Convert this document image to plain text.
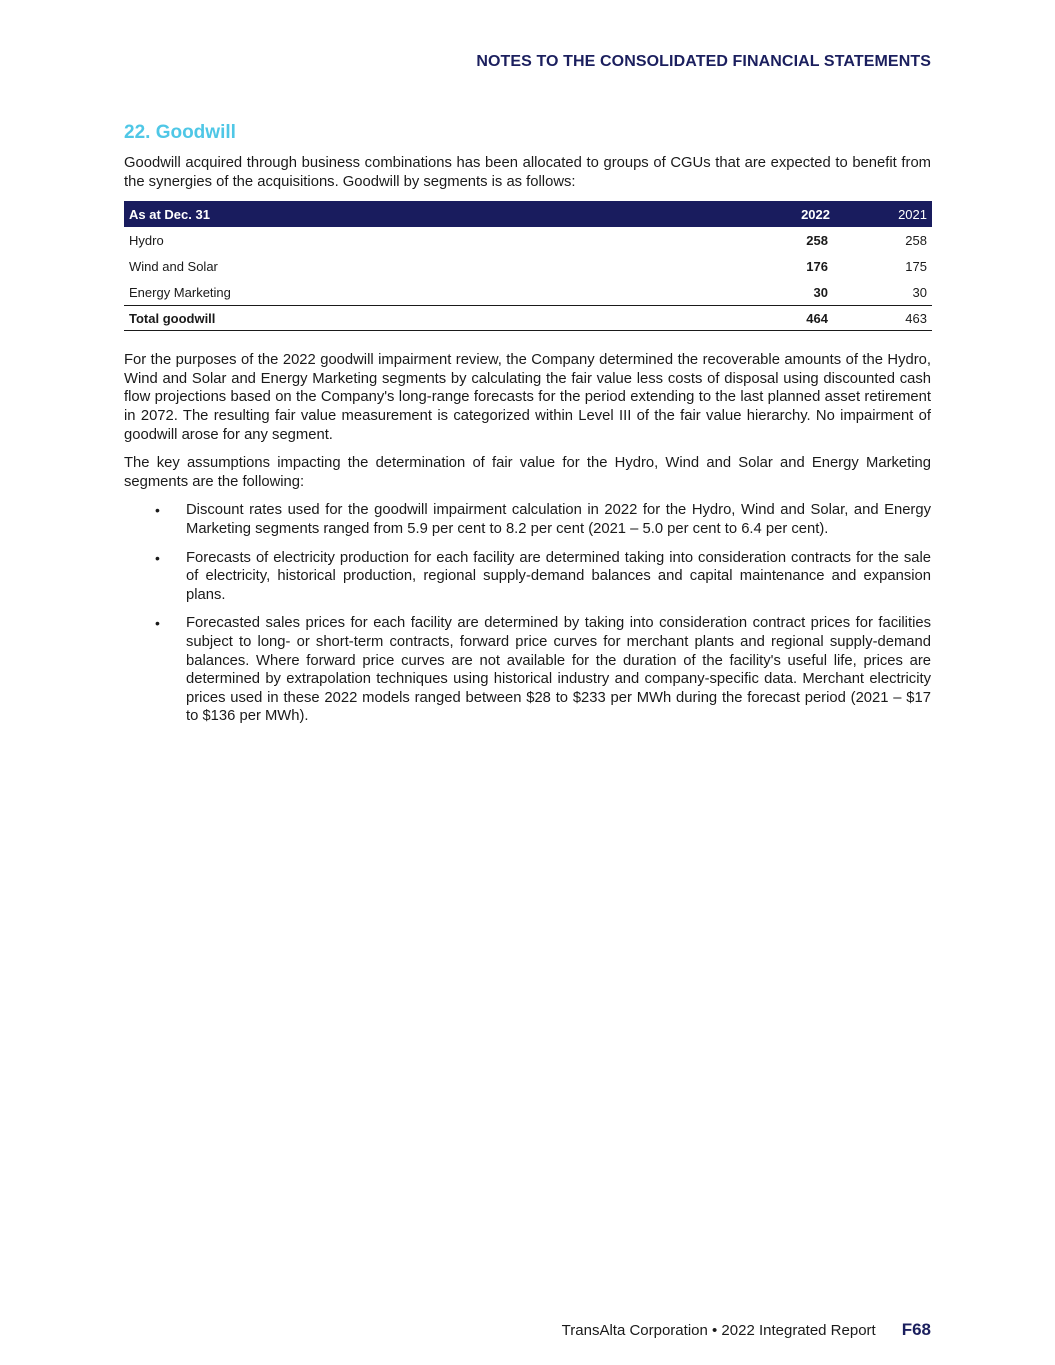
NOTES TO THE CONSOLIDATED FINANCIAL STATEMENTS
22. Goodwill

Goodwill acquired through business combinations has been allocated to groups of CGUs that are expected to benefit from the synergies of the acquisitions. Goodwill by segments is as follows:

As at Dec. 31	2022	2021
Hydro	258	258
Wind and Solar	176	175
Energy Marketing	30	30
Total goodwill	464	463

For the purposes of the 2022 goodwill impairment review, the Company determined the recoverable amounts of the Hydro, Wind and Solar and Energy Marketing segments by calculating the fair value less costs of disposal using discounted cash flow projections based on the Company's long-range forecasts for the period extending to the last planned asset retirement in 2072. The resulting fair value measurement is categorized within Level III of the fair value hierarchy. No impairment of goodwill arose for any segment.

The key assumptions impacting the determination of fair value for the Hydro, Wind and Solar and Energy Marketing segments are the following:

• Discount rates used for the goodwill impairment calculation in 2022 for the Hydro, Wind and Solar, and Energy Marketing segments ranged from 5.9 per cent to 8.2 per cent (2021 – 5.0 per cent to 6.4 per cent).
• Forecasts of electricity production for each facility are determined taking into consideration contracts for the sale of electricity, historical production, regional supply-demand balances and capital maintenance and expansion plans.
• Forecasted sales prices for each facility are determined by taking into consideration contract prices for facilities subject to long- or short-term contracts, forward price curves for merchant plants and regional supply-demand balances. Where forward price curves are not available for the duration of the facility's useful life, prices are determined by extrapolation techniques using historical industry and company-specific data. Merchant electricity prices used in these 2022 models ranged between $28 to $233 per MWh during the forecast period (2021 – $17 to $136 per MWh).
TransAlta Corporation • 2022 Integrated Report F68
